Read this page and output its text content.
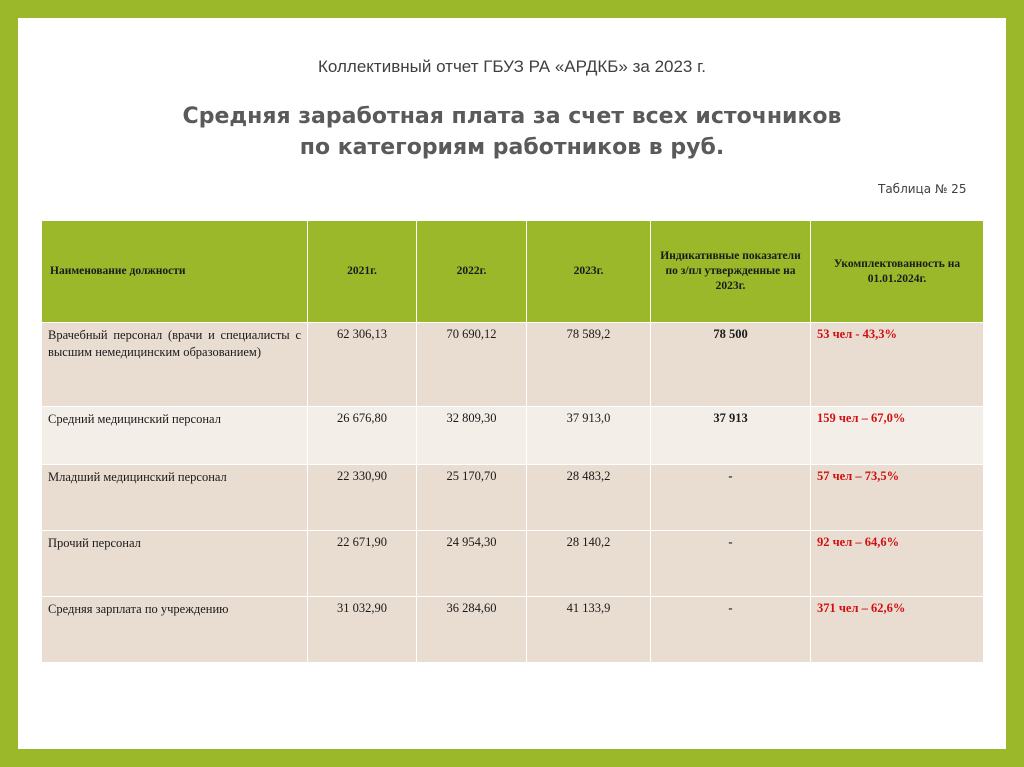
Коллективный отчет ГБУЗ РА «АРДКБ» за 2023 г.
Средняя заработная плата за счет всех источников
по категориям работников в руб.
Таблица № 25
Наименование должности	2021г.	2022г.	2023г.	Индикативные показатели по з/пл утвержденные на 2023г.	Укомплектованность на 01.01.2024г.
Врачебный персонал (врачи и специалисты с высшим немедицинским образованием)	62 306,13	70 690,12	78 589,2	78 500	53 чел - 43,3%
Средний медицинский персонал	26 676,80	32 809,30	37 913,0	37 913	159 чел – 67,0%
Младший медицинский персонал	22 330,90	25 170,70	28 483,2	-	57 чел – 73,5%
Прочий персонал	22 671,90	24 954,30	28 140,2	-	92 чел – 64,6%
Средняя зарплата по учреждению	31 032,90	36 284,60	41 133,9	-	371 чел – 62,6%
